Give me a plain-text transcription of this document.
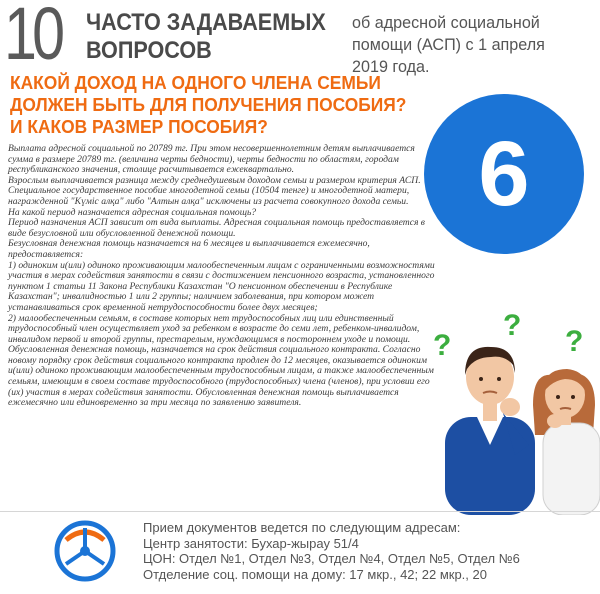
10 ЧАСТО ЗАДАВАЕМЫХ
ВОПРОСОВ
об адресной социальной помощи (АСП) с 1 апреля 2019 года.
КАКОЙ ДОХОД НА ОДНОГО ЧЛЕНА СЕМЬИ
ДОЛЖЕН БЫТЬ ДЛЯ ПОЛУЧЕНИЯ ПОСОБИЯ?
И КАКОВ РАЗМЕР ПОСОБИЯ?	6

Выплата адресной социальной по 20789 тг. При этом несовершеннолетним детям выплачивается сумма в размере 20789 тг. (величина черты бедности), черты бедности по областям, городам республиканского значения, столице расчитывается ежеквартально.

Взрослым выплачивается разница между среднедушевым доходом семьи и размером критерия АСП.

Специальное государственное пособие многодетной семьи (10504 тенге) и многодетной матери, награжденной "Күміс алқа" либо "Алтын алқа" исключены из расчета совокупного дохода семьи.

На какой период назначается адресная социальная помощь?

Период назначения АСП зависит от вида выплаты. Адресная социальная помощь предоставляется в виде безусловной или обусловленной денежной помощи.

Безусловная денежная помощь назначается на 6 месяцев и выплачивается ежемесячно, предоставляется:

1) одиноким и(или) одиноко проживающим малообеспеченным лицам с ограниченными возможностями участия в мерах содействия занятости в связи с достижением пенсионного возраста, установленного пунктом 1 статьи 11 Закона Республики Казахстан "О пенсионном обеспечении в Республике Казахстан"; инвалидностью 1 или 2 группы; наличием заболевания, при котором может устанавливаться срок временной нетрудоспособности более двух месяцев;

2) малообеспеченным семьям, в составе которых нет трудоспособных лиц или единственный трудоспособный член осуществляет уход за ребенком в возрасте до семи лет, ребенком-инвалидом, инвалидом первой и второй группы, престарелым, нуждающимся в постороннем уходе и помощи. Обусловленная денежная помощь, назначается на срок действия социального контракта. Согласно новому порядку срок действия социального контракта продлен до 12 месяцев, оказывается одиноким и(или) одиноко проживающим малообеспеченным трудоспособным лицам, а также малообеспеченным семьям, имеющим в своем составе трудоспособного (трудоспособных) члена (членов), при условии его (их) участия в мерах содействия занятости. Обусловленная денежная помощь выплачивается ежемесячно или единовременно за три месяца по заявлению заявителя.

?
? ?
Прием документов ведется по следующим адресам:
Центр занятости: Бухар-жырау 51/4
ЦОН: Отдел №1, Отдел №3, Отдел №4, Отдел №5, Отдел №6
Отделение соц. помощи на дому: 17 мкр., 42; 22 мкр., 20
